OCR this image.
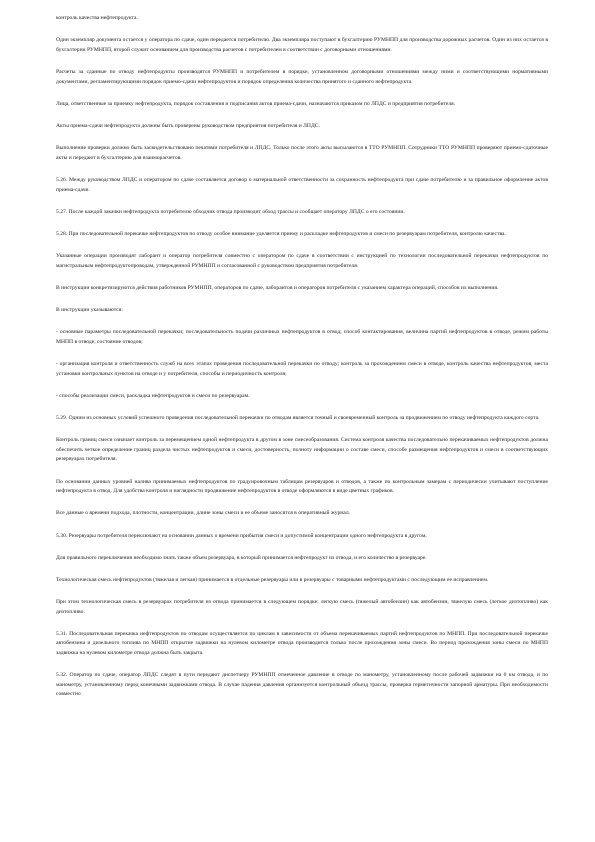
контроль качества нефтепродукта.

Один экземпляр документа остается у оператора по сдаче, один передается потребителю. Два экземпляра поступают в бухгалтерию РУМНПП для производства дорожных расчетов. Один из них остается в бухгалтерии РУМНПП, второй служит основанием для производства расчетов с потребителем в соответствии с договорными отношениями.

Расчеты за сданные по отводу нефтепродукты производятся РУМНПП и потребителем в порядке, установленном договорными отношениями между ними и соответствующими нормативными документами, регламентирующими порядок приемо-сдачи нефтепродуктов и порядок определения количества принятого и сданного нефтепродукта.

Лица, ответственные за приемку нефтепродукта, порядок составления и подписания актов приема-сдачи, назначаются приказом по ЛПДС и предприятия потребителя.

Акты приема-сдачи нефтепродукта должны быть проверены руководством предприятия потребителя и ЛПДС.

Выполнение проверки должно быть засвидетельствовано печатями потребителя и ЛПДС. Только после этого акты высылаются в ТТО РУМНПП. Сотрудники ТТО РУМНПП проверяют приемо-сдаточные акты и передают в бухгалтерию для взаиморасчетов.

5.26. Между руководством ЛПДС и оператором по сдаче составляется договор о материальной ответственности за сохранность нефтепродукта при сдаче потребителю и за правильное оформление актов приема-сдачи.

5.27. После каждой закачки нефтепродукта потребителю обходчик отвода производит обход трассы и сообщает оператору ЛПДС о его состоянии.

5.28. При последовательной перекачке нефтепродуктов по отводу особое внимание уделяется приему и раскладке нефтепродуктов и смеси по резервуарам потребителя, контролю качества.

Указанные операции производят лаборант и оператор потребителя совместно с оператором по сдаче в соответствии с инструкцией по технологии последовательной перекачки нефтепродуктов по магистральным нефтепродуктопроводам, утвержденной РУМНПП и согласованной с руководством предприятия потребителя.

В инструкции конкретизируются действия работников РУМНПП, операторов по сдаче, лаборантов и операторов потребителя с указанием характера операций, способов их выполнения.

В инструкции указываются:

- основные параметры последовательной перекачки; последовательность подачи различных нефтепродуктов в отвод; способ контактирования, величина партий нефтепродуктов в отводе, режим работы МНПП в отводе, состояние отводов;

- организация контроля и ответственность служб на всех этапах проведения последовательной перекачки по отводу; контроль за прохождением смеси в отводе, контроль качества нефтепродуктов, места установки контрольных пунктов на отводе и у потребителя, способы и периодичность контроля;

- способы реализации смеси, раскладка нефтепродуктов и смеси по резервуарам.

5.29. Одним из основных условий успешного проведения последовательной перекачки по отводам является точный и своевременный контроль за продвижением по отводу нефтепродукта каждого сорта.

Контроль границ смеси означает контроль за перемещением одной нефтепродукта в другом в зоне смесеобразования. Система контроля качества последовательно перекачиваемых нефтепродуктов должна обеспечить четкое определение границ раздела чистых нефтепродуктов и смеси, достоверность, полноту информации о составе смеси, способе размещения нефтепродуктов и смеси в соответствующих резервуарах потребителя.

По основании данных уровней налива принимаемых нефтепродуктов по градуировочным таблицам резервуаров и отводов, а также по контрольным замерам с периодически учитывают поступление нефтепродукта в отвод. Для удобства контроля и наглядности продвижение нефтепродуктов в отводе оформляются в виде цветных графиков.

Все данные о времени подхода, плотности, концентрации, длине зоны смеси и ее объеме заносятся в оперативный журнал.

5.30. Резервуары потребителя переключают на основании данных о времени прибытия смеси и допустимой концентрации одного нефтепродукта в другом.

Для правильного переключения необходимо знать также объем резервуара, в который принимается нефтепродукт из отвода, и его количество в резервуаре.

Технологическая смесь нефтепродуктов (тяжелая и легкая) принимается в отдельные резервуары или в резервуары с товарными нефтепродуктами с последующим ее исправлением.

При этом технологическая смесь в резервуарах потребителя из отвода принимается в следующем порядке: легкую смесь (тяжелый автобензин) как автобензин, тяжелую смесь (легкое дизтопливо) как дизтопливо.

5.31. Последовательная перекачка нефтепродуктов по отводам осуществляется по циклам в зависимости от объема перекачиваемых партий нефтепродуктов по МНПП. При последовательной перекачке автобензина и дизельного топлива по МНПП открытие задвижки на нулевом километре отвода производится только после прохождения зоны смеси. Во период прохождения зоны смеси по МНПП задвижка на нулевом километре отвода должна быть закрыта.

5.32. Оператор по сдаче, оператор ЛПДС следят в пути передают диспетчеру РУМНПП отмеченное давление в отводе по манометру, установленному после рабочей задвижки на 0 км отвода, и по манометру, установленному перед конечными задвижками отвода. В случае падения давления организуется контрольный объезд трассы, проверка герметичности запорной арматуры. При необходимости совместно
